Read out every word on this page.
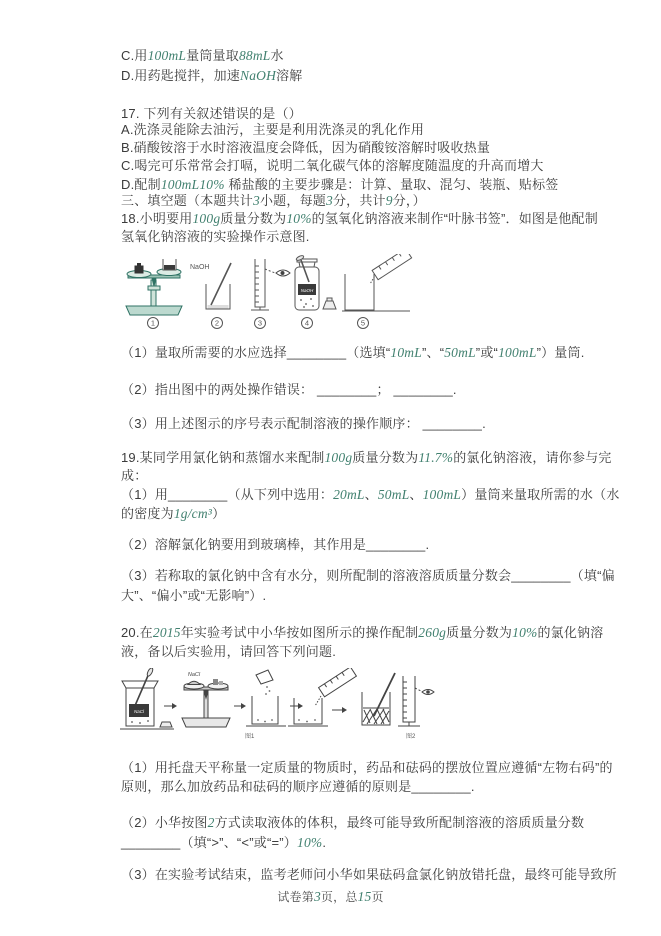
C.用100mL量筒量取88mL水

D.用药匙搅拌，加速NaOH溶解

17. 下列有关叙述错误的是（）

A.洗涤灵能除去油污，主要是利用洗涤灵的乳化作用

B.硝酸铵溶于水时溶液温度会降低，因为硝酸铵溶解时吸收热量

C.喝完可乐常常会打嗝，说明二氧化碳气体的溶解度随温度的升高而增大

D.配制100mL10% 稀盐酸的主要步骤是：计算、量取、混匀、装瓶、贴标签

三、填空题（本题共计3小题，每题3分，共计9分，）

18.小明要用100g质量分数为10%的氢氧化钠溶液来制作“叶脉书签”．如图是他配制

氢氧化钠溶液的实验操作示意图.

NaOH
NaOH
1	2	3	4	5

（1）量取所需要的水应选择________（选填“10mL”、“50mL”或“100mL”）量筒.

（2）指出图中的两处操作错误： ________； ________.

（3）用上述图示的序号表示配制溶液的操作顺序： ________.

19.某同学用氯化钠和蒸馏水来配制100g质量分数为11.7%的氯化钠溶液，请你参与完

成：

（1）用________（从下列中选用：20mL、50mL、100mL）量筒来量取所需的水（水

的密度为1g/cm³）

（2）溶解氯化钠要用到玻璃棒，其作用是________.

（3）若称取的氯化钠中含有水分，则所配制的溶液溶质质量分数会________（填“偏

大”、“偏小”或“无影响”）.

20.在2015年实验考试中小华按如图所示的操作配制260g质量分数为10%的氯化钠溶

液，备以后实验用，请回答下列问题.

NaCl
NaCl
图1	图2

（1）用托盘天平称量一定质量的物质时，药品和砝码的摆放位置应遵循“左物右码”的

原则，那么加放药品和砝码的顺序应遵循的原则是________.

（2）小华按图2方式读取液体的体积，最终可能导致所配制溶液的溶质质量分数

________（填“>”、“<”或“=”）10%.

（3）在实验考试结束，监考老师问小华如果砝码盒氯化钠放错托盘，最终可能导致所

试卷第3页，总15页
